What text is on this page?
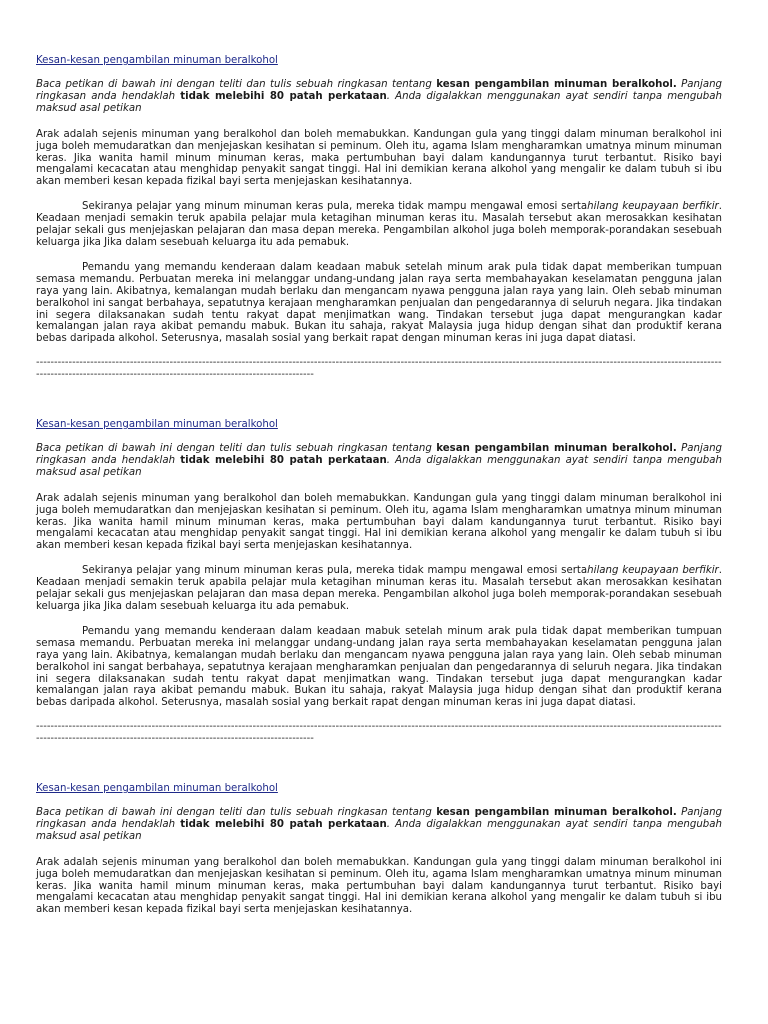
Kesan-kesan pengambilan minuman beralkohol

Baca petikan di bawah ini dengan teliti dan tulis sebuah ringkasan tentang kesan pengambilan minuman beralkohol. Panjang ringkasan anda hendaklah tidak melebihi 80 patah perkataan. Anda digalakkan menggunakan ayat sendiri tanpa mengubah maksud asal petikan

Arak adalah sejenis minuman yang beralkohol dan boleh memabukkan. Kandungan gula yang tinggi dalam minuman beralkohol ini juga boleh memudaratkan dan menjejaskan kesihatan si peminum. Oleh itu, agama Islam mengharamkan umatnya minum minuman keras. Jika wanita hamil minum minuman keras, maka pertumbuhan bayi dalam kandungannya turut terbantut. Risiko bayi mengalami kecacatan atau menghidap penyakit sangat tinggi. Hal ini demikian kerana alkohol yang mengalir ke dalam tubuh si ibu akan memberi kesan kepada fizikal bayi serta menjejaskan kesihatannya.

Sekiranya pelajar yang minum minuman keras pula, mereka tidak mampu mengawal emosi sertahilang keupayaan berfikir. Keadaan menjadi semakin teruk apabila pelajar mula ketagihan minuman keras itu. Masalah tersebut akan merosakkan kesihatan pelajar sekali gus menjejaskan pelajaran dan masa depan mereka. Pengambilan alkohol juga boleh memporak-porandakan sesebuah keluarga jika Jika dalam sesebuah keluarga itu ada pemabuk.

Pemandu yang memandu kenderaan dalam keadaan mabuk setelah minum arak pula tidak dapat memberikan tumpuan semasa memandu. Perbuatan mereka ini melanggar undang-undang jalan raya serta membahayakan keselamatan pengguna jalan raya yang lain. Akibatnya, kemalangan mudah berlaku dan mengancam nyawa pengguna jalan raya yang lain. Oleh sebab minuman beralkohol ini sangat berbahaya, sepatutnya kerajaan mengharamkan penjualan dan pengedarannya di seluruh negara. Jika tindakan ini segera dilaksanakan sudah tentu rakyat dapat menjimatkan wang. Tindakan tersebut juga dapat mengurangkan kadar kemalangan jalan raya akibat pemandu mabuk. Bukan itu sahaja, rakyat Malaysia juga hidup dengan sihat dan produktif kerana bebas daripada alkohol. Seterusnya, masalah sosial yang berkait rapat dengan minuman keras ini juga dapat diatasi.

---------------------------------------------------------------------------------------------------------------------------------------------------------------------------------------------------------------------------------------------------------------------------
Kesan-kesan pengambilan minuman beralkohol

Baca petikan di bawah ini dengan teliti dan tulis sebuah ringkasan tentang kesan pengambilan minuman beralkohol. Panjang ringkasan anda hendaklah tidak melebihi 80 patah perkataan. Anda digalakkan menggunakan ayat sendiri tanpa mengubah maksud asal petikan

Arak adalah sejenis minuman yang beralkohol dan boleh memabukkan. Kandungan gula yang tinggi dalam minuman beralkohol ini juga boleh memudaratkan dan menjejaskan kesihatan si peminum. Oleh itu, agama Islam mengharamkan umatnya minum minuman keras. Jika wanita hamil minum minuman keras, maka pertumbuhan bayi dalam kandungannya turut terbantut. Risiko bayi mengalami kecacatan atau menghidap penyakit sangat tinggi. Hal ini demikian kerana alkohol yang mengalir ke dalam tubuh si ibu akan memberi kesan kepada fizikal bayi serta menjejaskan kesihatannya.

Sekiranya pelajar yang minum minuman keras pula, mereka tidak mampu mengawal emosi sertahilang keupayaan berfikir. Keadaan menjadi semakin teruk apabila pelajar mula ketagihan minuman keras itu. Masalah tersebut akan merosakkan kesihatan pelajar sekali gus menjejaskan pelajaran dan masa depan mereka. Pengambilan alkohol juga boleh memporak-porandakan sesebuah keluarga jika Jika dalam sesebuah keluarga itu ada pemabuk.

Pemandu yang memandu kenderaan dalam keadaan mabuk setelah minum arak pula tidak dapat memberikan tumpuan semasa memandu. Perbuatan mereka ini melanggar undang-undang jalan raya serta membahayakan keselamatan pengguna jalan raya yang lain. Akibatnya, kemalangan mudah berlaku dan mengancam nyawa pengguna jalan raya yang lain. Oleh sebab minuman beralkohol ini sangat berbahaya, sepatutnya kerajaan mengharamkan penjualan dan pengedarannya di seluruh negara. Jika tindakan ini segera dilaksanakan sudah tentu rakyat dapat menjimatkan wang. Tindakan tersebut juga dapat mengurangkan kadar kemalangan jalan raya akibat pemandu mabuk. Bukan itu sahaja, rakyat Malaysia juga hidup dengan sihat dan produktif kerana bebas daripada alkohol. Seterusnya, masalah sosial yang berkait rapat dengan minuman keras ini juga dapat diatasi.

---------------------------------------------------------------------------------------------------------------------------------------------------------------------------------------------------------------------------------------------------------------------------
Kesan-kesan pengambilan minuman beralkohol

Baca petikan di bawah ini dengan teliti dan tulis sebuah ringkasan tentang kesan pengambilan minuman beralkohol. Panjang ringkasan anda hendaklah tidak melebihi 80 patah perkataan. Anda digalakkan menggunakan ayat sendiri tanpa mengubah maksud asal petikan

Arak adalah sejenis minuman yang beralkohol dan boleh memabukkan. Kandungan gula yang tinggi dalam minuman beralkohol ini juga boleh memudaratkan dan menjejaskan kesihatan si peminum. Oleh itu, agama Islam mengharamkan umatnya minum minuman keras. Jika wanita hamil minum minuman keras, maka pertumbuhan bayi dalam kandungannya turut terbantut. Risiko bayi mengalami kecacatan atau menghidap penyakit sangat tinggi. Hal ini demikian kerana alkohol yang mengalir ke dalam tubuh si ibu akan memberi kesan kepada fizikal bayi serta menjejaskan kesihatannya.
